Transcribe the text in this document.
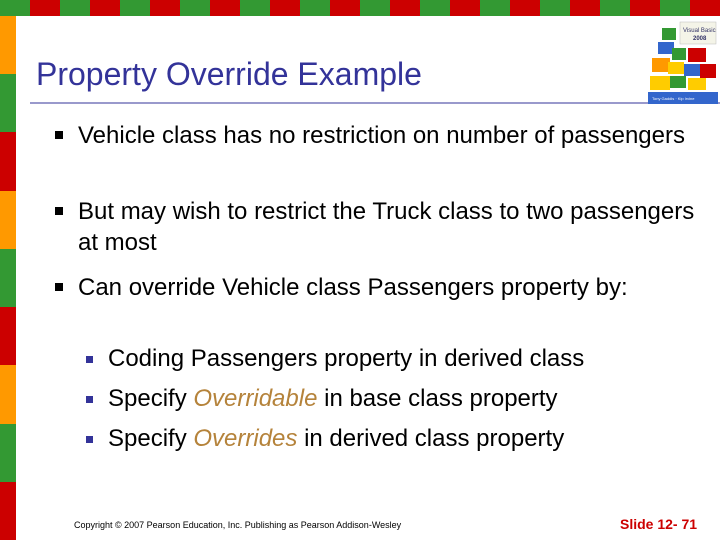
Property Override Example
Visual Basic
2008
Tony Gaddis · Kip Irvine
Vehicle class has no restriction on number of passengers
But may wish to restrict the Truck class to two passengers at most
Can override Vehicle class Passengers property by:
Coding Passengers property in derived class
Specify Overridable in base class property
Specify Overrides in derived class property
Copyright © 2007 Pearson Education, Inc. Publishing as Pearson Addison-Wesley	Slide 12- 71
